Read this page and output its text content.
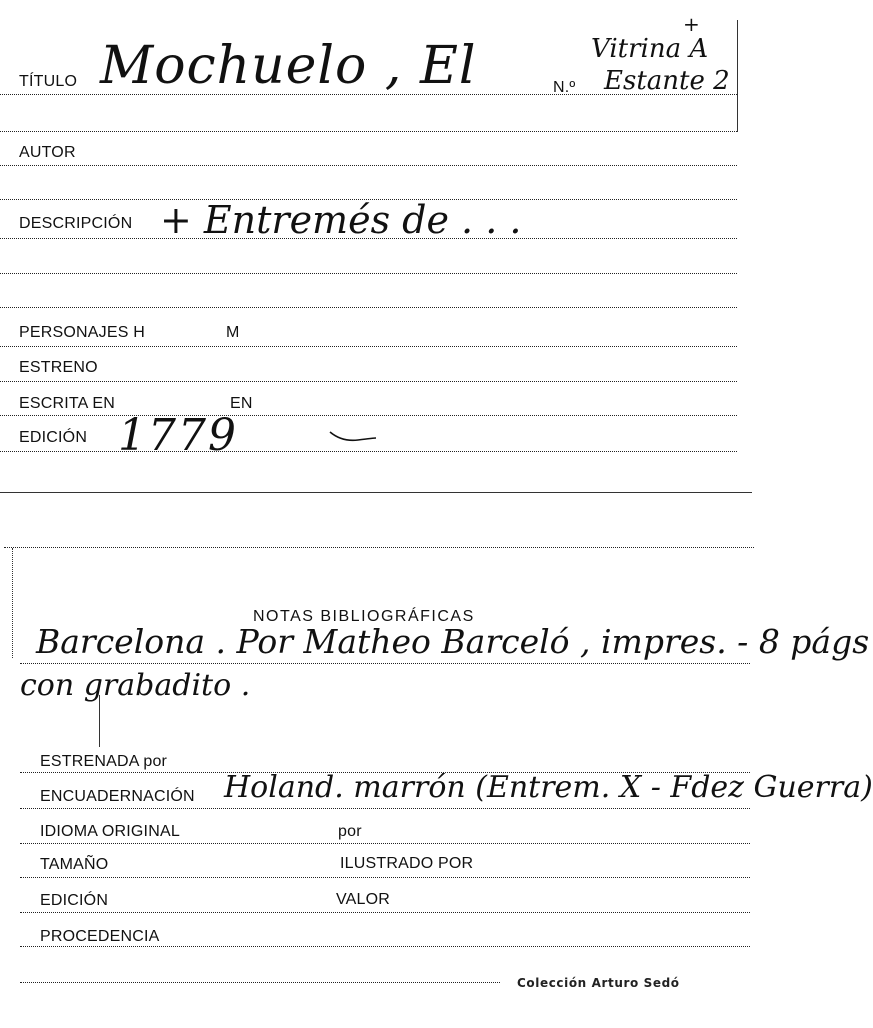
TÍTULO Mochuelo , El	N.º
+
Vitrina A
Estante 2
AUTOR
DESCRIPCIÓN + Entremés de . . .
PERSONAJES H	M
ESTRENO
ESCRITA EN	EN
EDICIÓN 1779
NOTAS BIBLIOGRÁFICAS
Barcelona . Por Matheo Barceló , impres. - 8 págs
con grabadito .
ESTRENADA por
ENCUADERNACIÓN Holand. marrón (Entrem. X - Fdez Guerra)
IDIOMA ORIGINAL	por
TAMAÑO	ILUSTRADO POR
EDICIÓN	VALOR
PROCEDENCIA
Colección Arturo Sedó
